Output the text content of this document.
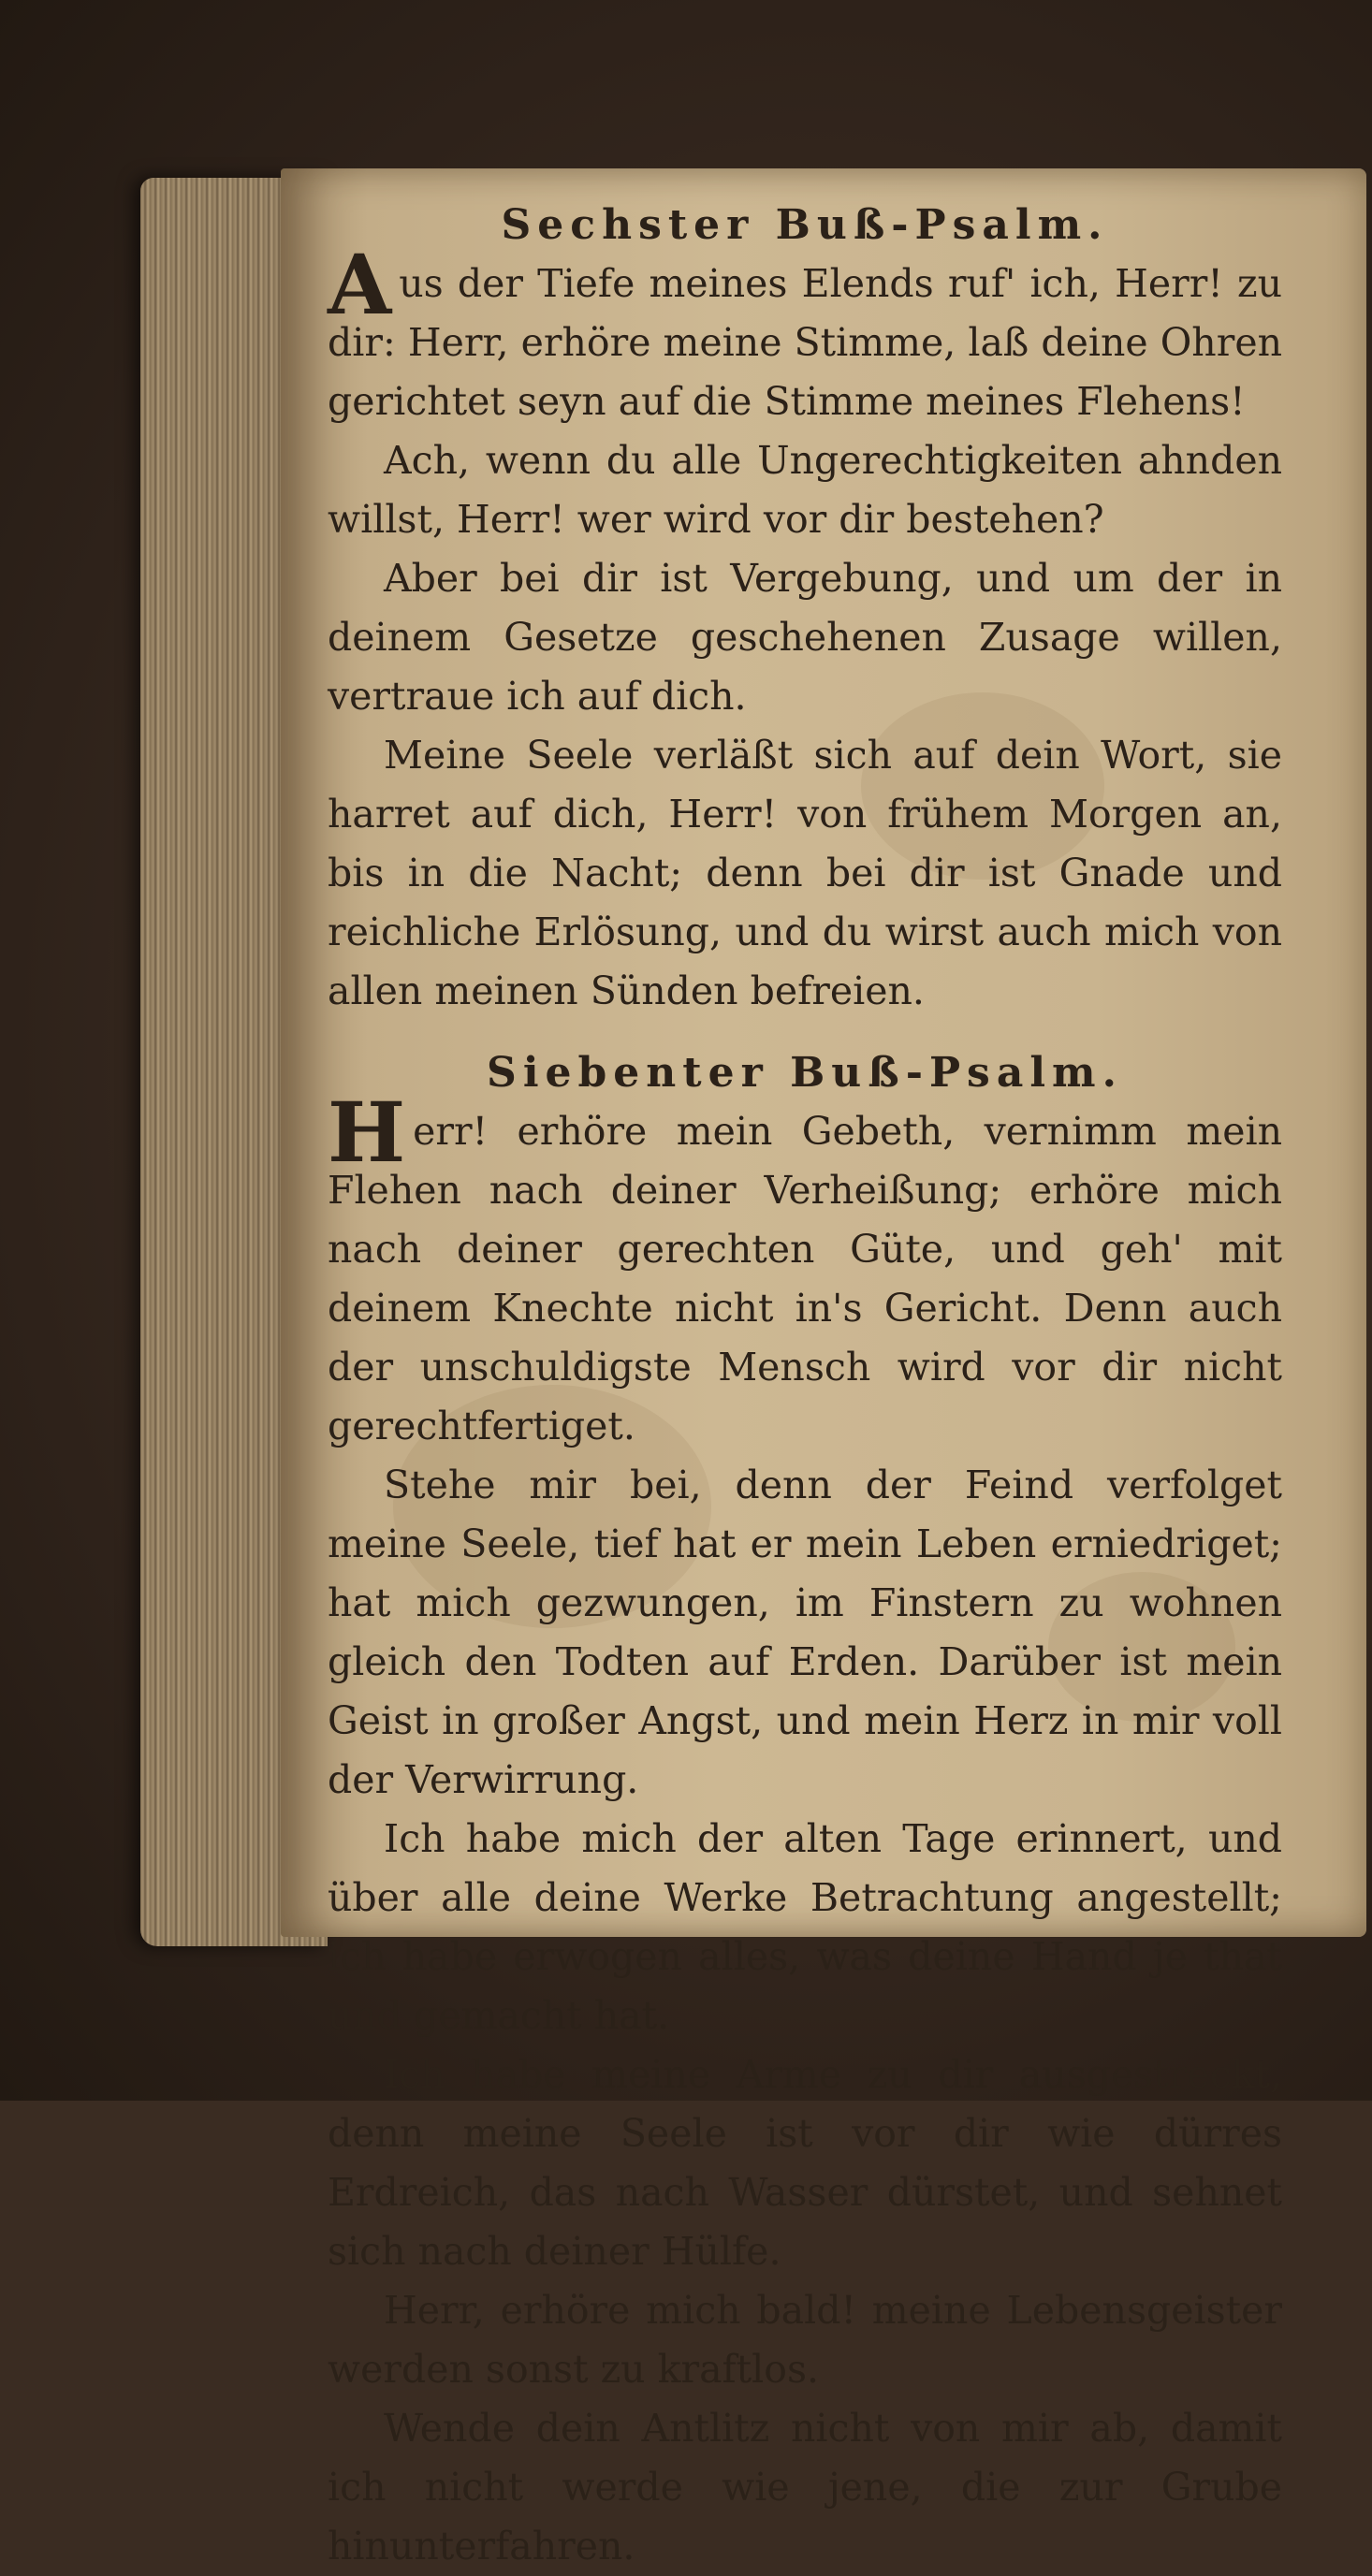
Sechster Buß-Psalm.

Aus der Tiefe meines Elends ruf' ich, Herr! zu dir: Herr, erhöre meine Stimme, laß deine Ohren gerichtet seyn auf die Stimme meines Flehens!

Ach, wenn du alle Ungerechtigkeiten ahnden willst, Herr! wer wird vor dir bestehen?

Aber bei dir ist Vergebung, und um der in deinem Gesetze geschehenen Zusage willen, vertraue ich auf dich.

Meine Seele verläßt sich auf dein Wort, sie harret auf dich, Herr! von frühem Morgen an, bis in die Nacht; denn bei dir ist Gnade und reichliche Erlösung, und du wirst auch mich von allen meinen Sünden befreien.

Siebenter Buß-Psalm.

Herr! erhöre mein Gebeth, vernimm mein Flehen nach deiner Verheißung; erhöre mich nach deiner gerechten Güte, und geh' mit deinem Knechte nicht in's Gericht. Denn auch der unschuldigste Mensch wird vor dir nicht gerechtfertiget.

Stehe mir bei, denn der Feind verfolget meine Seele, tief hat er mein Leben erniedriget; hat mich gezwungen, im Finstern zu wohnen gleich den Todten auf Erden. Darüber ist mein Geist in großer Angst, und mein Herz in mir voll der Verwirrung.

Ich habe mich der alten Tage erinnert, und über alle deine Werke Betrachtung angestellt; ich habe erwogen alles, was deine Hand je that und gemacht hat.

Ich habe meine Arme zu dir ausgestreckt, denn meine Seele ist vor dir wie dürres Erdreich, das nach Wasser dürstet, und sehnet sich nach deiner Hülfe.

Herr, erhöre mich bald! meine Lebensgeister werden sonst zu kraftlos.

Wende dein Antlitz nicht von mir ab, damit ich nicht werde wie jene, die zur Grube hinunterfahren.
